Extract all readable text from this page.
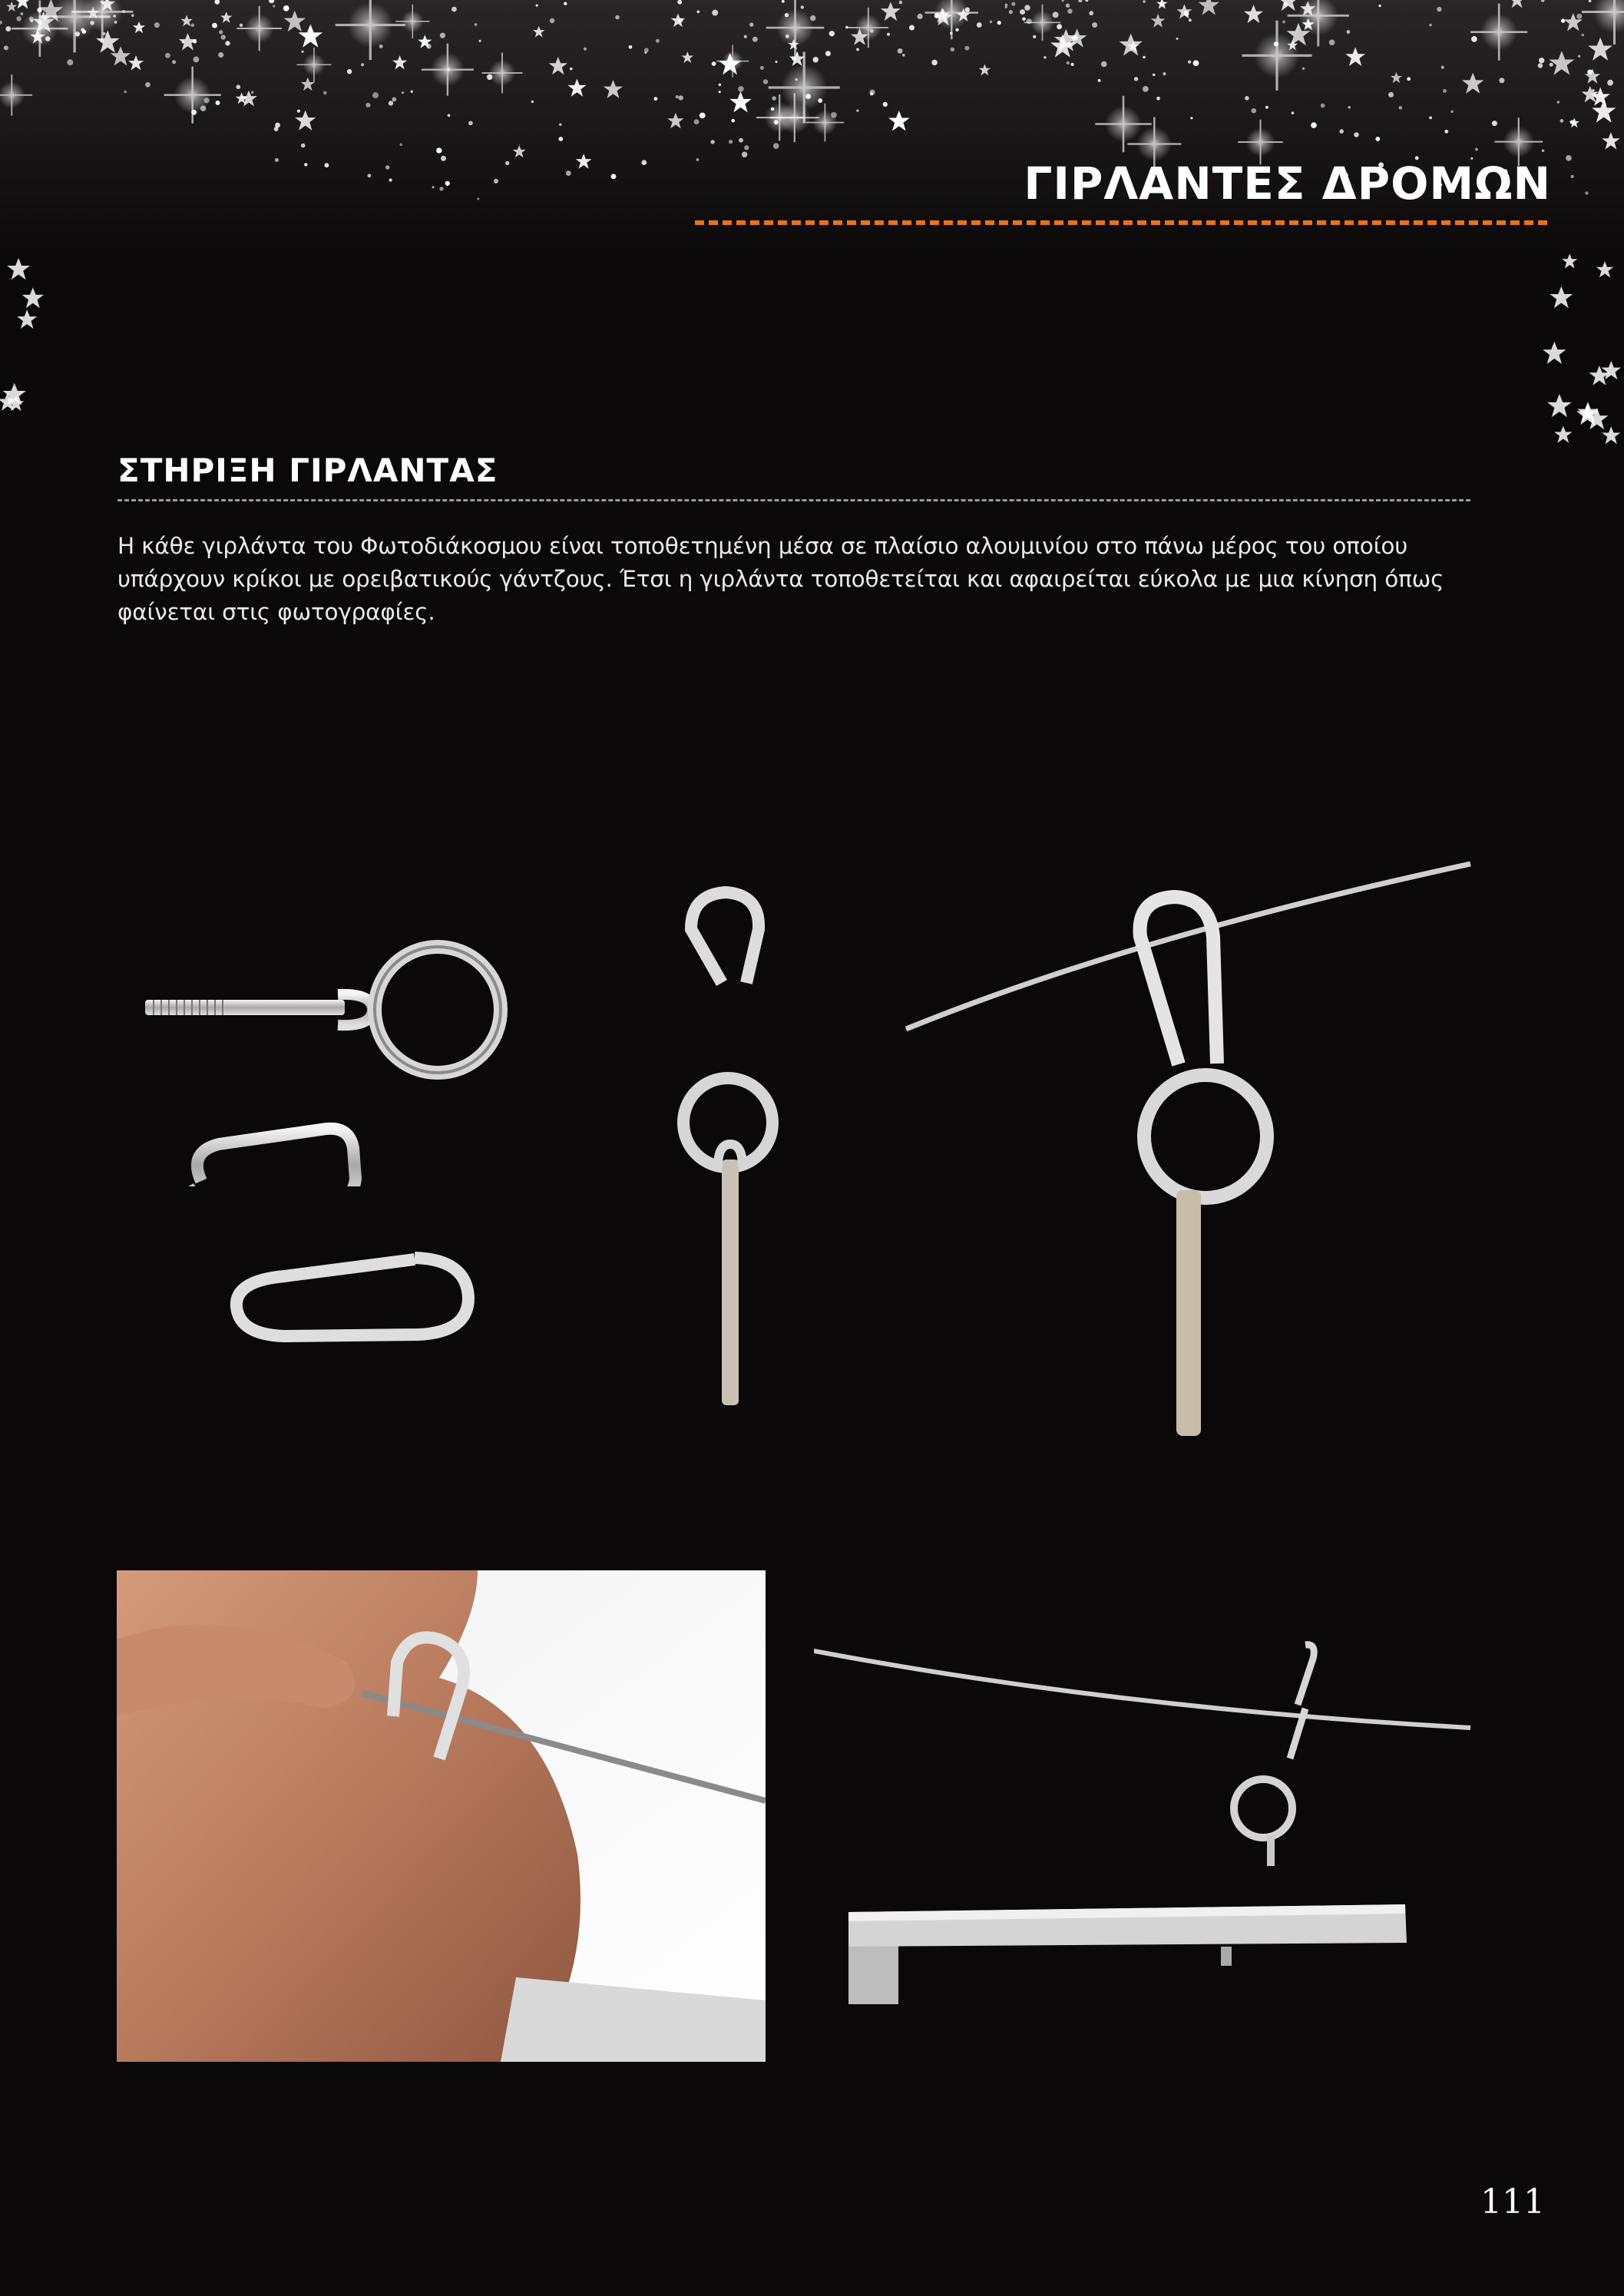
ΓΙΡΛΑΝΤΕΣ ΔΡΟΜΩΝ
ΣΤΗΡΙΞΗ ΓΙΡΛΑΝΤΑΣ

Η κάθε γιρλάντα του Φωτοδιάκοσμου είναι τοποθετημένη μέσα σε πλαίσιο αλουμινίου στο πάνω μέρος του οποίου υπάρχουν κρίκοι με ορειβατικούς γάντζους. Έτσι η γιρλάντα τοποθετείται και αφαιρείται εύκολα με μια κίνηση όπως φαίνεται στις φωτογραφίες.

111
